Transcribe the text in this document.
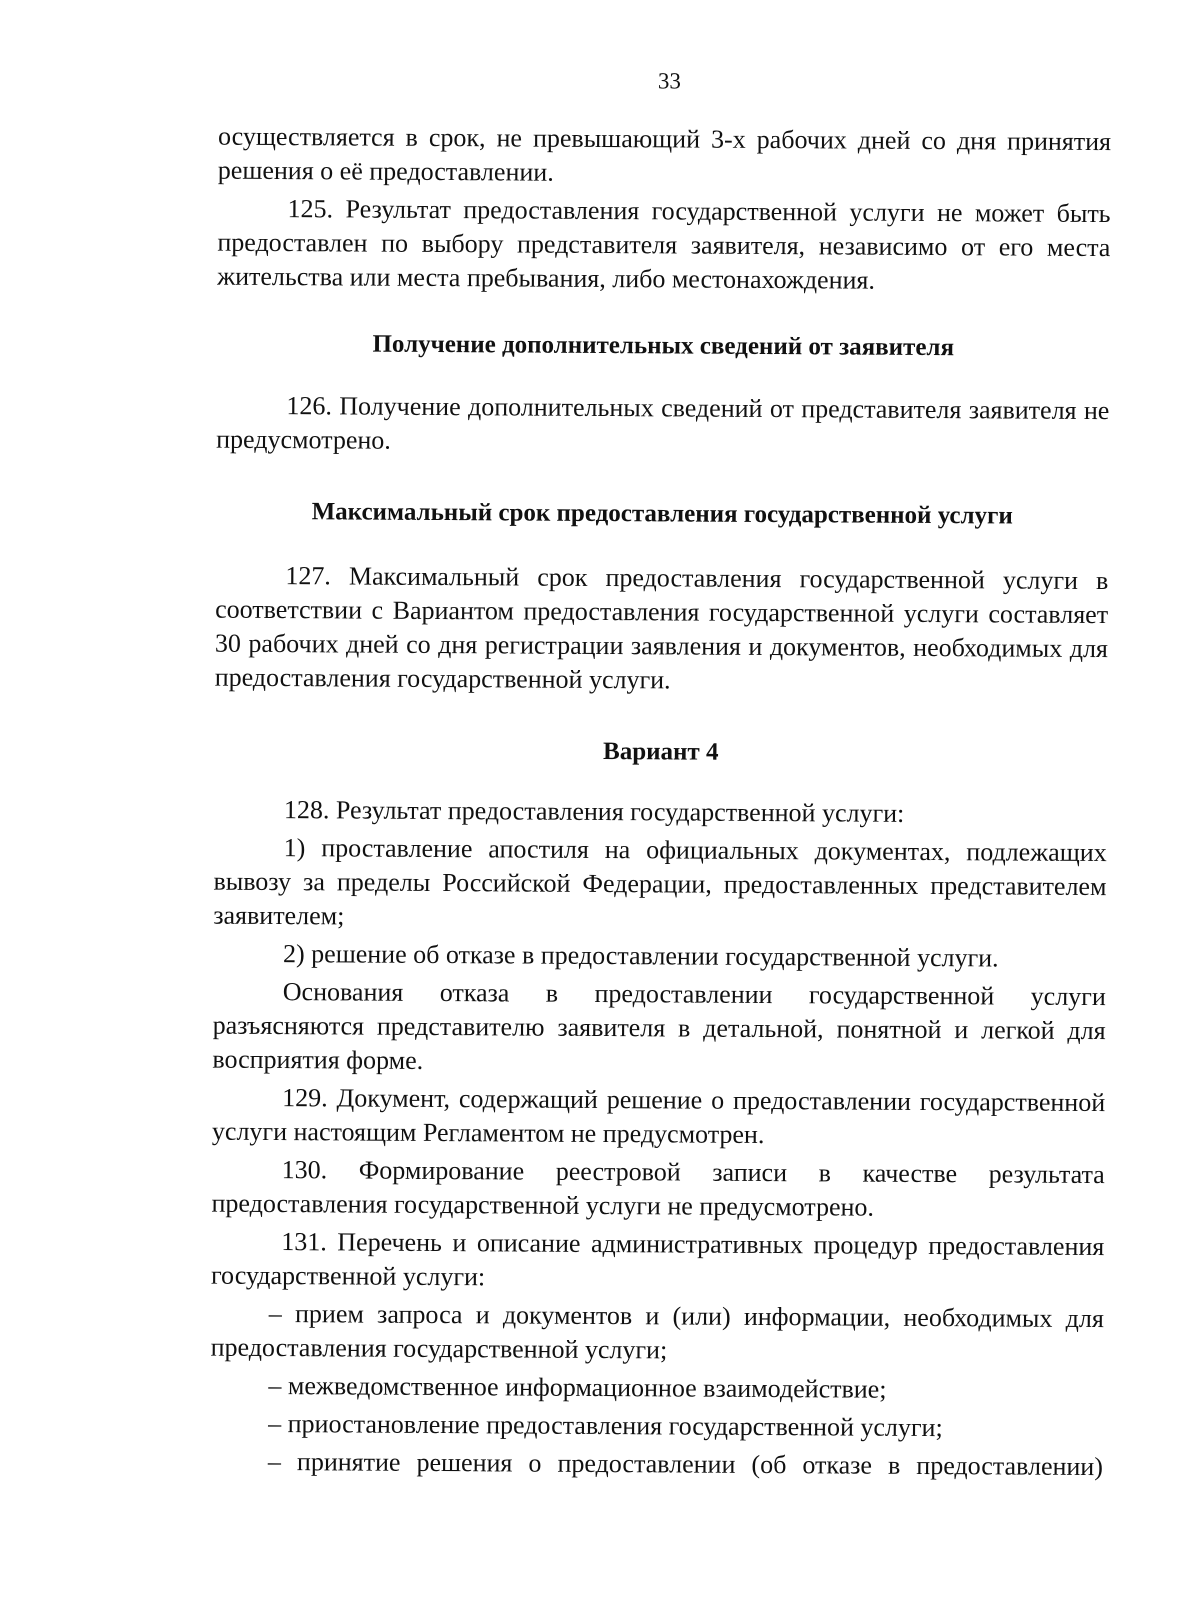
33

осуществляется в срок, не превышающий 3-х рабочих дней со дня принятия решения о её предоставлении.

125. Результат предоставления государственной услуги не может быть предоставлен по выбору представителя заявителя, независимо от его места жительства или места пребывания, либо местонахождения.

Получение дополнительных сведений от заявителя

126. Получение дополнительных сведений от представителя заявителя не предусмотрено.

Максимальный срок предоставления государственной услуги

127. Максимальный срок предоставления государственной услуги в соответствии с Вариантом предоставления государственной услуги составляет 30 рабочих дней со дня регистрации заявления и документов, необходимых для предоставления государственной услуги.

Вариант 4

128. Результат предоставления государственной услуги:

1) проставление апостиля на официальных документах, подлежащих вывозу за пределы Российской Федерации, предоставленных представителем заявителем;

2) решение об отказе в предоставлении государственной услуги.

Основания отказа в предоставлении государственной услуги разъясняются представителю заявителя в детальной, понятной и легкой для восприятия форме.

129. Документ, содержащий решение о предоставлении государственной услуги настоящим Регламентом не предусмотрен.

130. Формирование реестровой записи в качестве результата предоставления государственной услуги не предусмотрено.

131. Перечень и описание административных процедур предоставления государственной услуги:

– прием запроса и документов и (или) информации, необходимых для предоставления государственной услуги;

– межведомственное информационное взаимодействие;

– приостановление предоставления государственной услуги;

– принятие решения о предоставлении (об отказе в предоставлении)
